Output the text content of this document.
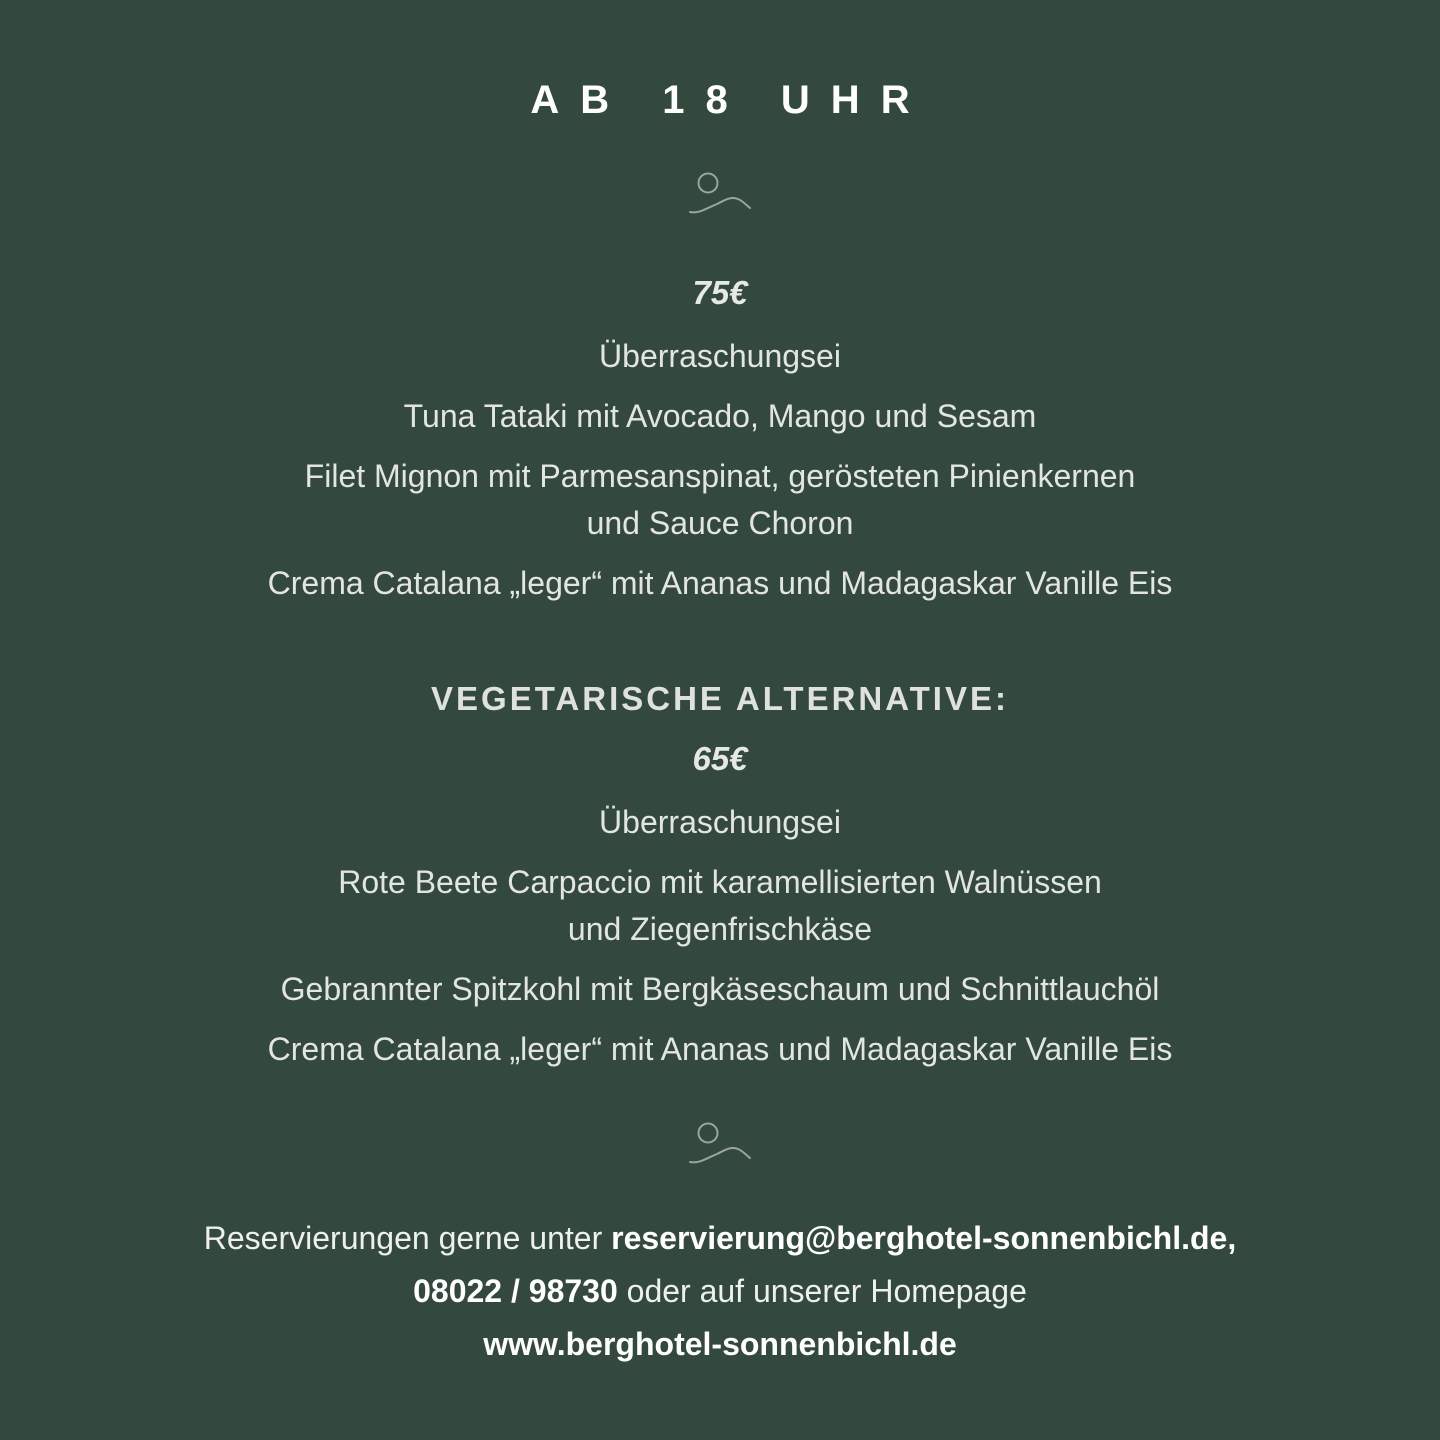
AB 18 UHR
75€
Überraschungsei
Tuna Tataki mit Avocado, Mango und Sesam
Filet Mignon mit Parmesanspinat, gerösteten Pinienkernen
und Sauce Choron
Crema Catalana „leger“ mit Ananas und Madagaskar Vanille Eis
VEGETARISCHE ALTERNATIVE:
65€
Überraschungsei
Rote Beete Carpaccio mit karamellisierten Walnüssen
und Ziegenfrischkäse
Gebrannter Spitzkohl mit Bergkäseschaum und Schnittlauchöl
Crema Catalana „leger“ mit Ananas und Madagaskar Vanille Eis
Reservierungen gerne unter reservierung@berghotel-sonnenbichl.de,
08022 / 98730 oder auf unserer Homepage
www.berghotel-sonnenbichl.de
